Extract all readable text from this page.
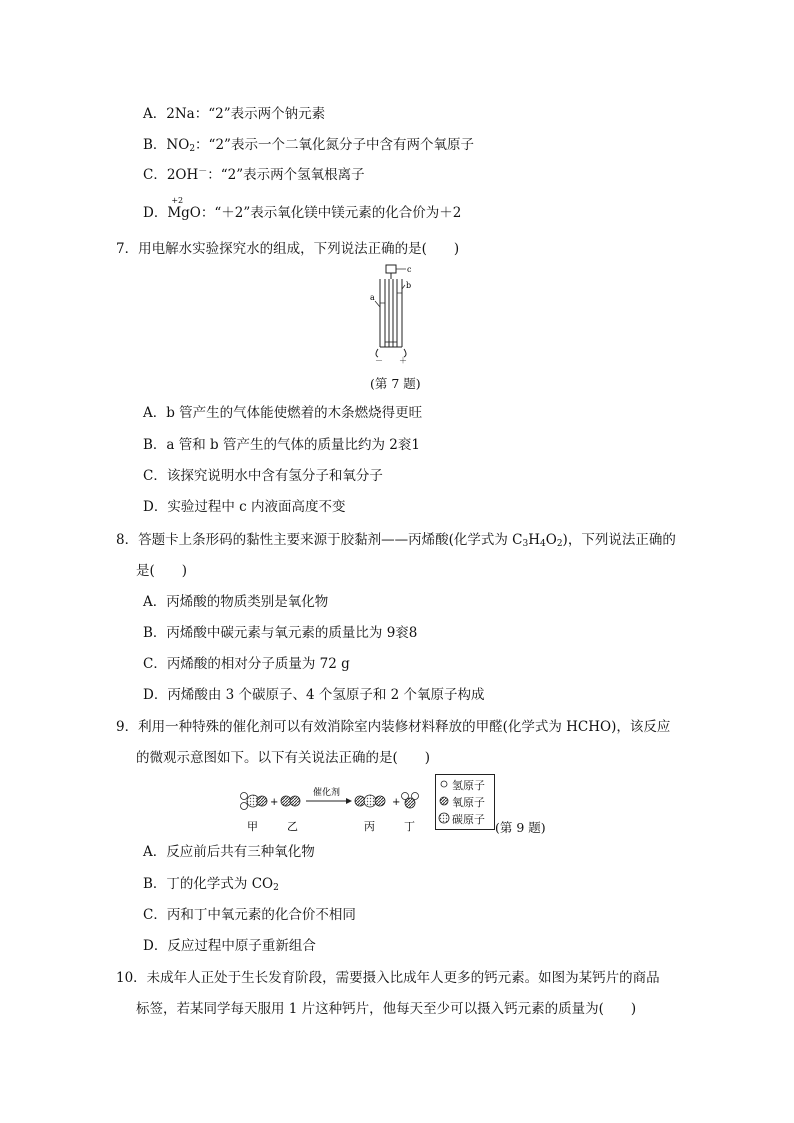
A．2Na：“2”表示两个钠元素
B．$NO_2$：“2”表示一个二氧化氮分子中含有两个氧原子
C．2OH－：“2”表示两个氢氧根离子
D．
+2
MgO：“＋2”表示氧化镁中镁元素的化合价为＋2
7．用电解水实验探究水的组成，下列说法正确的是(　　)
a
b
c
－ ＋
(第 7 题)
A．b 管产生的气体能使燃着的木条燃烧得更旺
B．a 管和 b 管产生的气体的质量比约为 2衮1
C．该探究说明水中含有氢分子和氧分子
D．实验过程中 c 内液面高度不变
8．答题卡上条形码的黏性主要来源于胶黏剂——丙烯酸(化学式为 $C_3H_4O_2$)，下列说法正确的
是(　　)
A．丙烯酸的物质类别是氧化物
B．丙烯酸中碳元素与氧元素的质量比为 9衮8
C．丙烯酸的相对分子质量为 72 g
D．丙烯酸由 3 个碳原子、4 个氢原子和 2 个氧原子构成
9．利用一种特殊的催化剂可以有效消除室内装修材料释放的甲醛(化学式为 HCHO)，该反应
的微观示意图如下。以下有关说法正确的是(　　)
+
催化剂
+
甲	乙	丙	丁
氢原子
氧原子
碳原子
(第 9 题)
A．反应前后共有三种氧化物
B．丁的化学式为 $CO_2$
C．丙和丁中氧元素的化合价不相同
D．反应过程中原子重新组合
10．未成年人正处于生长发育阶段，需要摄入比成年人更多的钙元素。如图为某钙片的商品
标签，若某同学每天服用 1 片这种钙片，他每天至少可以摄入钙元素的质量为(　　)
